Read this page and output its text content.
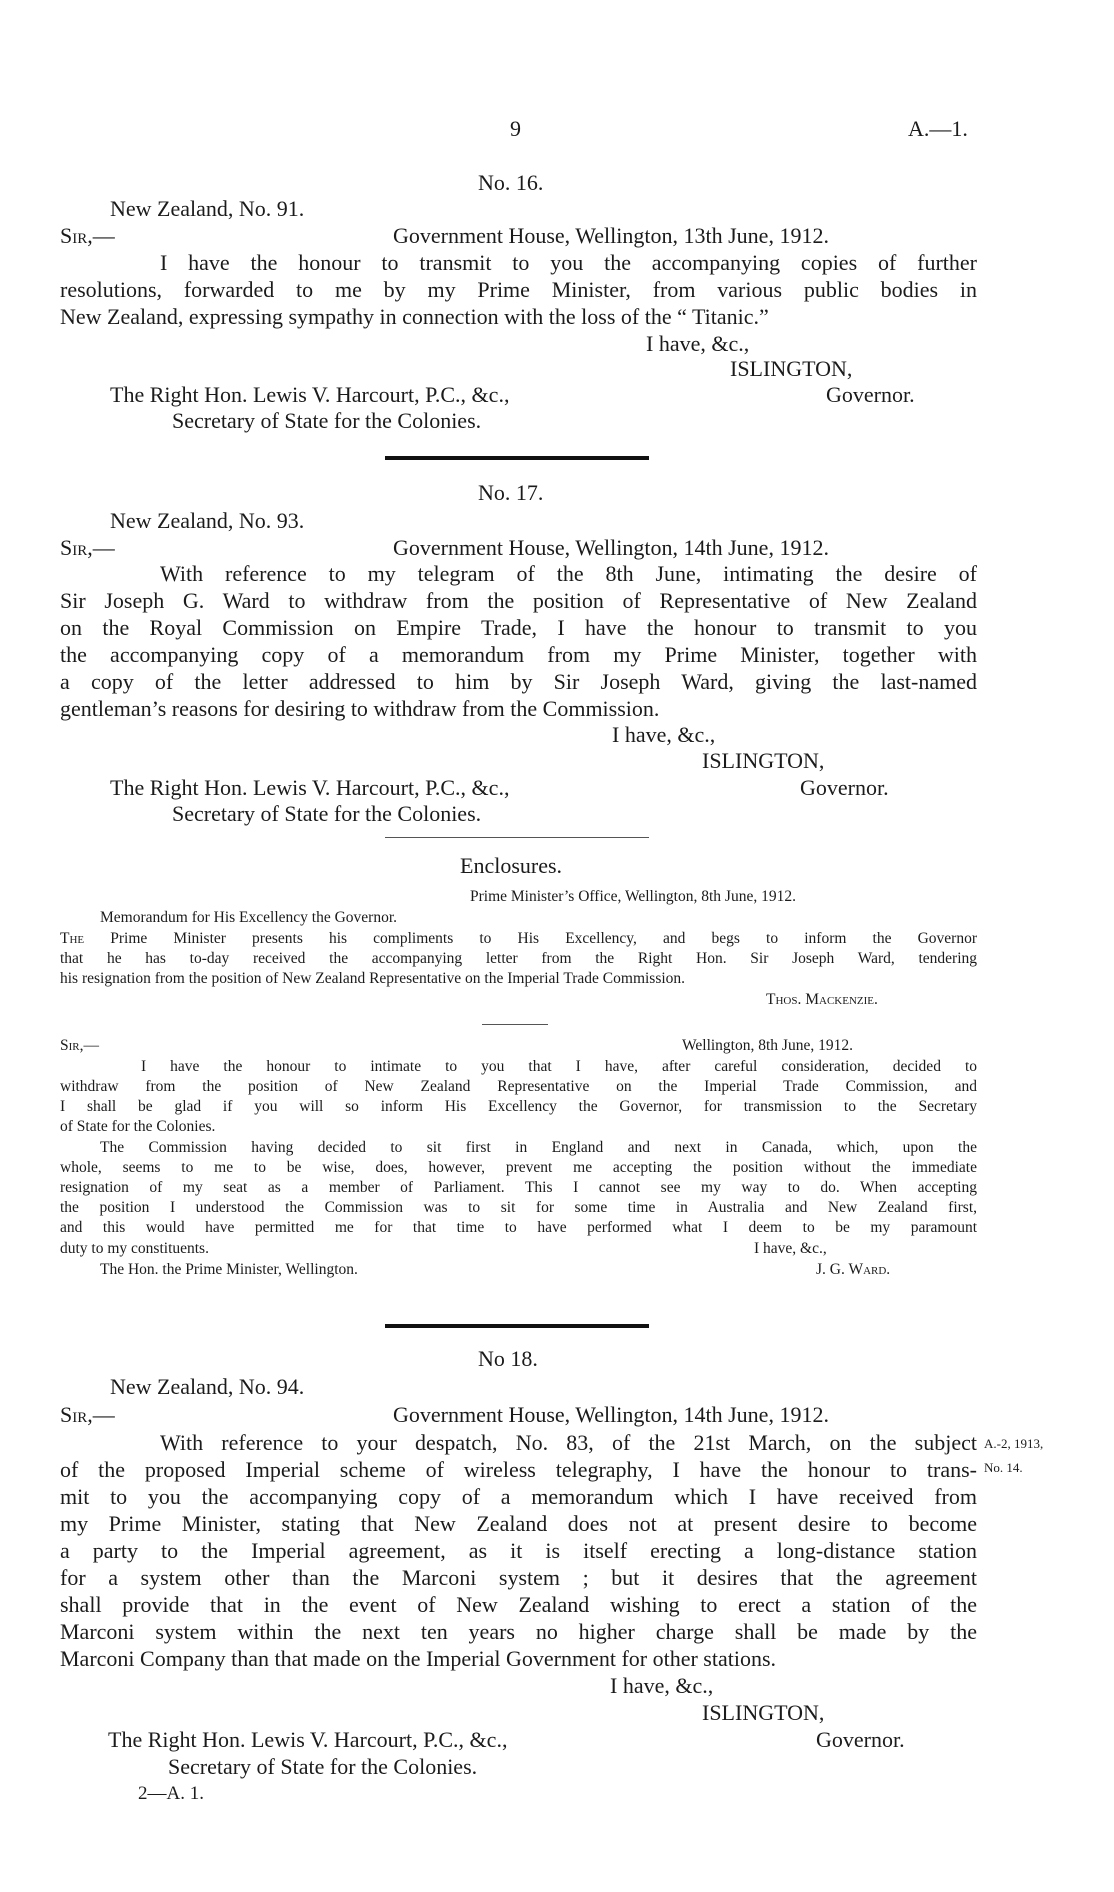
9	A.—1.
No. 16.
New Zealand, No. 91.
Sir,—	Government House, Wellington, 13th June, 1912.
I have the honour to transmit to you the accompanying copies of further
resolutions, forwarded to me by my Prime Minister, from various public bodies in
New Zealand, expressing sympathy in connection with the loss of the “ Titanic.”
I have, &c.,
ISLINGTON,
The Right Hon. Lewis V. Harcourt, P.C., &c.,	Governor.
Secretary of State for the Colonies.
No. 17.
New Zealand, No. 93.
Sir,—	Government House, Wellington, 14th June, 1912.
With reference to my telegram of the 8th June, intimating the desire of
Sir Joseph G. Ward to withdraw from the position of Representative of New Zealand
on the Royal Commission on Empire Trade, I have the honour to transmit to you
the accompanying copy of a memorandum from my Prime Minister, together with
a copy of the letter addressed to him by Sir Joseph Ward, giving the last-named
gentleman’s reasons for desiring to withdraw from the Commission.
I have, &c.,
ISLINGTON,
The Right Hon. Lewis V. Harcourt, P.C., &c.,	Governor.
Secretary of State for the Colonies.
Enclosures.
Prime Minister’s Office, Wellington, 8th June, 1912.
Memorandum for His Excellency the Governor.
The Prime Minister presents his compliments to His Excellency, and begs to inform the Governor
that he has to-day received the accompanying letter from the Right Hon. Sir Joseph Ward, tendering
his resignation from the position of New Zealand Representative on the Imperial Trade Commission.
Thos. Mackenzie.
Sir,—	Wellington, 8th June, 1912.
I have the honour to intimate to you that I have, after careful consideration, decided to
withdraw from the position of New Zealand Representative on the Imperial Trade Commission, and
I shall be glad if you will so inform His Excellency the Governor, for transmission to the Secretary
of State for the Colonies.
The Commission having decided to sit first in England and next in Canada, which, upon the
whole, seems to me to be wise, does, however, prevent me accepting the position without the immediate
resignation of my seat as a member of Parliament. This I cannot see my way to do. When accepting
the position I understood the Commission was to sit for some time in Australia and New Zealand first,
and this would have permitted me for that time to have performed what I deem to be my paramount
duty to my constituents.	I have, &c.,
The Hon. the Prime Minister, Wellington.	J. G. Ward.
No 18.
New Zealand, No. 94.
Sir,—	Government House, Wellington, 14th June, 1912.
With reference to your despatch, No. 83, of the 21st March, on the subject
of the proposed Imperial scheme of wireless telegraphy, I have the honour to trans-
mit to you the accompanying copy of a memorandum which I have received from
my Prime Minister, stating that New Zealand does not at present desire to become
a party to the Imperial agreement, as it is itself erecting a long-distance station
for a system other than the Marconi system ; but it desires that the agreement
shall provide that in the event of New Zealand wishing to erect a station of the
Marconi system within the next ten years no higher charge shall be made by the
Marconi Company than that made on the Imperial Government for other stations.
A.-2, 1913,
No. 14.
I have, &c.,
ISLINGTON,
The Right Hon. Lewis V. Harcourt, P.C., &c.,	Governor.
Secretary of State for the Colonies.
2—A. 1.
